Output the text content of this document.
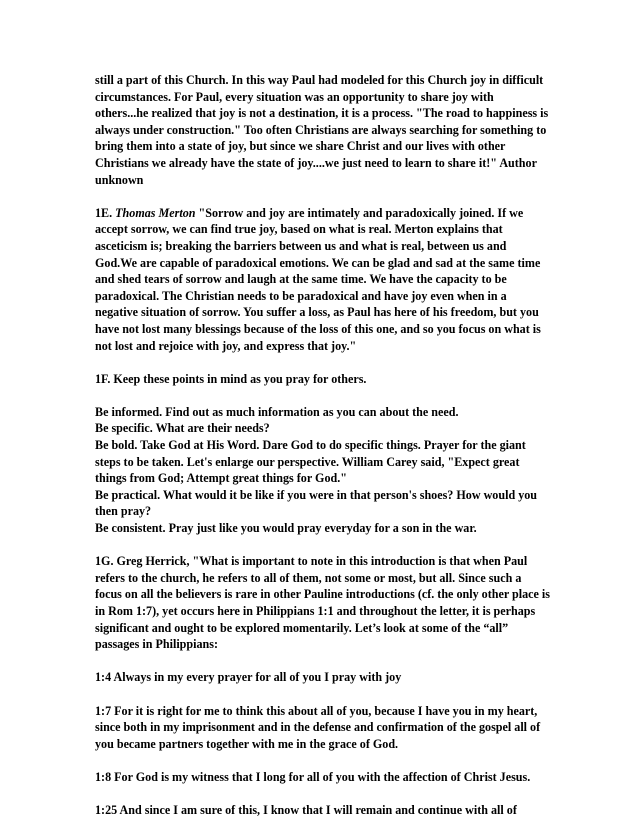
still a part of this Church. In this way Paul had modeled for this Church joy in difficult circumstances. For Paul, every situation was an opportunity to share joy with others...he realized that joy is not a destination, it is a process. "The road to happiness is always under construction." Too often Christians are always searching for something to bring them into a state of joy, but since we share Christ and our lives with other Christians we already have the state of joy....we just need to learn to share it!" Author unknown

1E. Thomas Merton "Sorrow and joy are intimately and paradoxically joined. If we accept sorrow, we can find true joy, based on what is real. Merton explains that asceticism is; breaking the barriers between us and what is real, between us and God.We are capable of paradoxical emotions. We can be glad and sad at the same time and shed tears of sorrow and laugh at the same time. We have the capacity to be paradoxical. The Christian needs to be paradoxical and have joy even when in a negative situation of sorrow. You suffer a loss, as Paul has here of his freedom, but you have not lost many blessings because of the loss of this one, and so you focus on what is not lost and rejoice with joy, and express that joy."

1F. Keep these points in mind as you pray for others.

Be informed. Find out as much information as you can about the need.
Be specific. What are their needs?
Be bold. Take God at His Word. Dare God to do specific things. Prayer for the giant steps to be taken. Let's enlarge our perspective. William Carey said, "Expect great things from God; Attempt great things for God."
Be practical. What would it be like if you were in that person's shoes? How would you then pray?
Be consistent. Pray just like you would pray everyday for a son in the war.

1G. Greg Herrick, "What is important to note in this introduction is that when Paul refers to the church, he refers to all of them, not some or most, but all. Since such a focus on all the believers is rare in other Pauline introductions (cf. the only other place is in Rom 1:7), yet occurs here in Philippians 1:1 and throughout the letter, it is perhaps significant and ought to be explored momentarily. Let’s look at some of the “all” passages in Philippians:

1:4 Always in my every prayer for all of you I pray with joy

1:7 For it is right for me to think this about all of you, because I have you in my heart, since both in my imprisonment and in the defense and confirmation of the gospel all of you became partners together with me in the grace of God.

1:8 For God is my witness that I long for all of you with the affection of Christ Jesus.

1:25 And since I am sure of this, I know that I will remain and continue with all of
